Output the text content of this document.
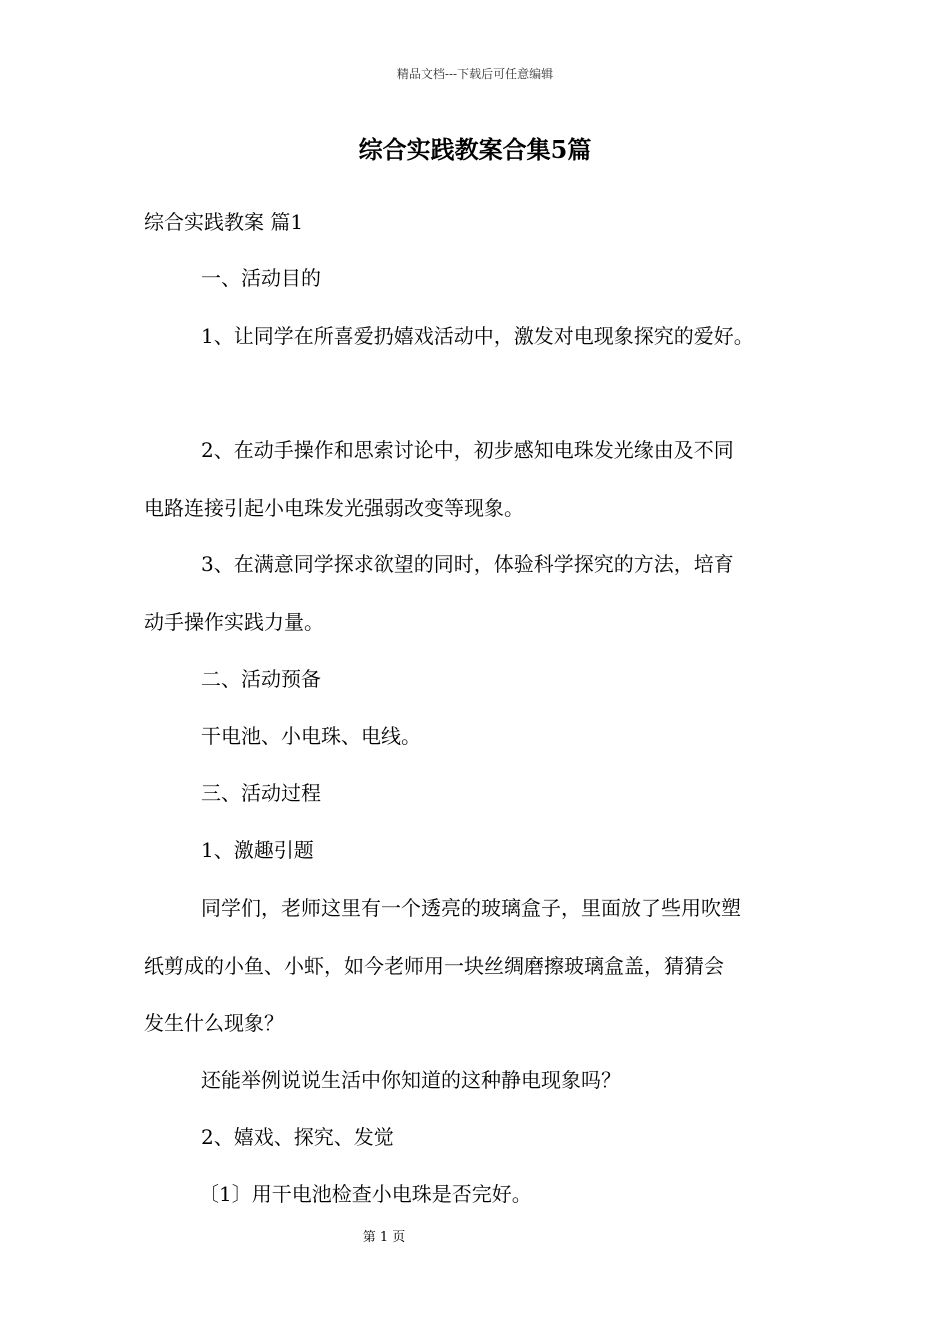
精品文档---下载后可任意编辑
综合实践教案合集5篇
综合实践教案 篇1
一、活动目的
1、让同学在所喜爱扔嬉戏活动中，激发对电现象探究的爱好。
2、在动手操作和思索讨论中，初步感知电珠发光缘由及不同
电路连接引起小电珠发光强弱改变等现象。
3、在满意同学探求欲望的同时，体验科学探究的方法，培育
动手操作实践力量。
二、活动预备
干电池、小电珠、电线。
三、活动过程
1、激趣引题
同学们，老师这里有一个透亮的玻璃盒子，里面放了些用吹塑
纸剪成的小鱼、小虾，如今老师用一块丝绸磨擦玻璃盒盖，猜猜会
发生什么现象？
还能举例说说生活中你知道的这种静电现象吗？
2、嬉戏、探究、发觉
〔1〕用干电池检查小电珠是否完好。
第 1 页
